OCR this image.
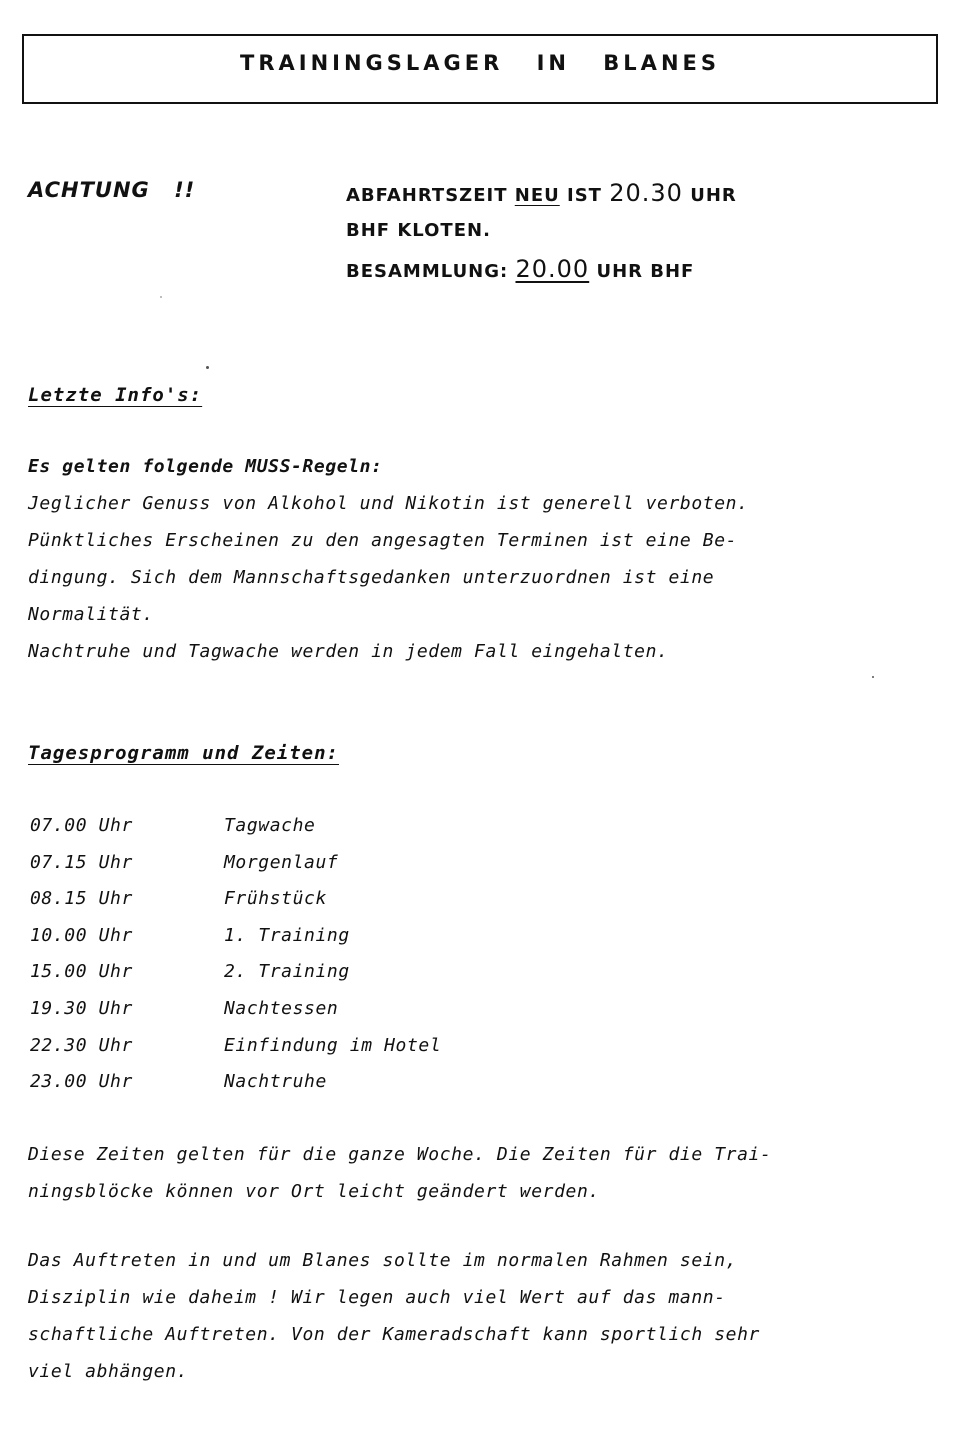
TRAININGSLAGER IN BLANES
ACHTUNG !!	ABFAHRTSZEIT NEU IST 20.30 UHR
BHF KLOTEN.
BESAMMLUNG: 20.00 UHR BHF
Letzte Info's:
Es gelten folgende MUSS-Regeln:
Jeglicher Genuss von Alkohol und Nikotin ist generell verboten.
Pünktliches Erscheinen zu den angesagten Terminen ist eine Be-
dingung. Sich dem Mannschaftsgedanken unterzuordnen ist eine
Normalität.
Nachtruhe und Tagwache werden in jedem Fall eingehalten.
Tagesprogramm und Zeiten:
07.00 Uhr	Tagwache
07.15 Uhr	Morgenlauf
08.15 Uhr	Frühstück
10.00 Uhr	1. Training
15.00 Uhr	2. Training
19.30 Uhr	Nachtessen
22.30 Uhr	Einfindung im Hotel
23.00 Uhr	Nachtruhe
Diese Zeiten gelten für die ganze Woche. Die Zeiten für die Trai-
ningsblöcke können vor Ort leicht geändert werden.
Das Auftreten in und um Blanes sollte im normalen Rahmen sein,
Disziplin wie daheim ! Wir legen auch viel Wert auf das mann-
schaftliche Auftreten. Von der Kameradschaft kann sportlich sehr
viel abhängen.
